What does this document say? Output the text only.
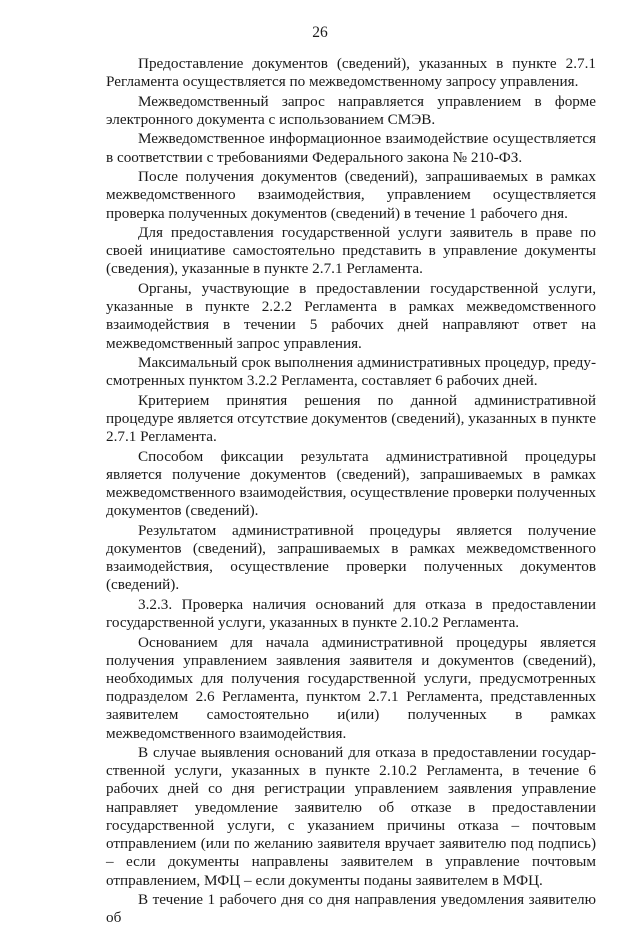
26

Предоставление документов (сведений), указанных в пункте 2.7.1 Регламента осуществляется по межведомственному запросу управления.

Межведомственный запрос направляется управлением в форме электронного документа с использованием СМЭВ.

Межведомственное информационное взаимодействие осуществляется в соответствии с требованиями Федерального закона № 210-ФЗ.

После получения документов (сведений), запрашиваемых в рамках межведомственного взаимодействия, управлением осуществляется проверка полученных документов (сведений) в течение 1 рабочего дня.

Для предоставления государственной услуги заявитель в праве по своей инициативе самостоятельно представить в управление документы (сведения), указанные в пункте 2.7.1 Регламента.

Органы, участвующие в предоставлении государственной услуги, указанные в пункте 2.2.2 Регламента в рамках межведомственного взаимодействия в течении 5 рабочих дней направляют ответ на межведомственный запрос управления.

Максимальный срок выполнения административных процедур, предусмотренных пунктом 3.2.2 Регламента, составляет 6 рабочих дней.

Критерием принятия решения по данной административной процедуре является отсутствие документов (сведений), указанных в пункте 2.7.1 Регламента.

Способом фиксации результата административной процедуры является получение документов (сведений), запрашиваемых в рамках межведомственного взаимодействия, осуществление проверки полученных документов (сведений).

Результатом административной процедуры является получение документов (сведений), запрашиваемых в рамках межведомственного взаимодействия, осуществление проверки полученных документов (сведений).

3.2.3. Проверка наличия оснований для отказа в предоставлении государственной услуги, указанных в пункте 2.10.2 Регламента.

Основанием для начала административной процедуры является получения управлением заявления заявителя и документов (сведений), необходимых для получения государственной услуги, предусмотренных подразделом 2.6 Регламента, пунктом 2.7.1 Регламента, представленных заявителем самостоятельно и(или) полученных в рамках межведомственного взаимодействия.

В случае выявления оснований для отказа в предоставлении государственной услуги, указанных в пункте 2.10.2 Регламента, в течение 6 рабочих дней со дня регистрации управлением заявления управление направляет уведомление заявителю об отказе в предоставлении государственной услуги, с указанием причины отказа – почтовым отправлением (или по желанию заявителя вручает заявителю под подпись) – если документы направлены заявителем в управление почтовым отправлением, МФЦ – если документы поданы заявителем в МФЦ.

В течение 1 рабочего дня со дня направления уведомления заявителю об
